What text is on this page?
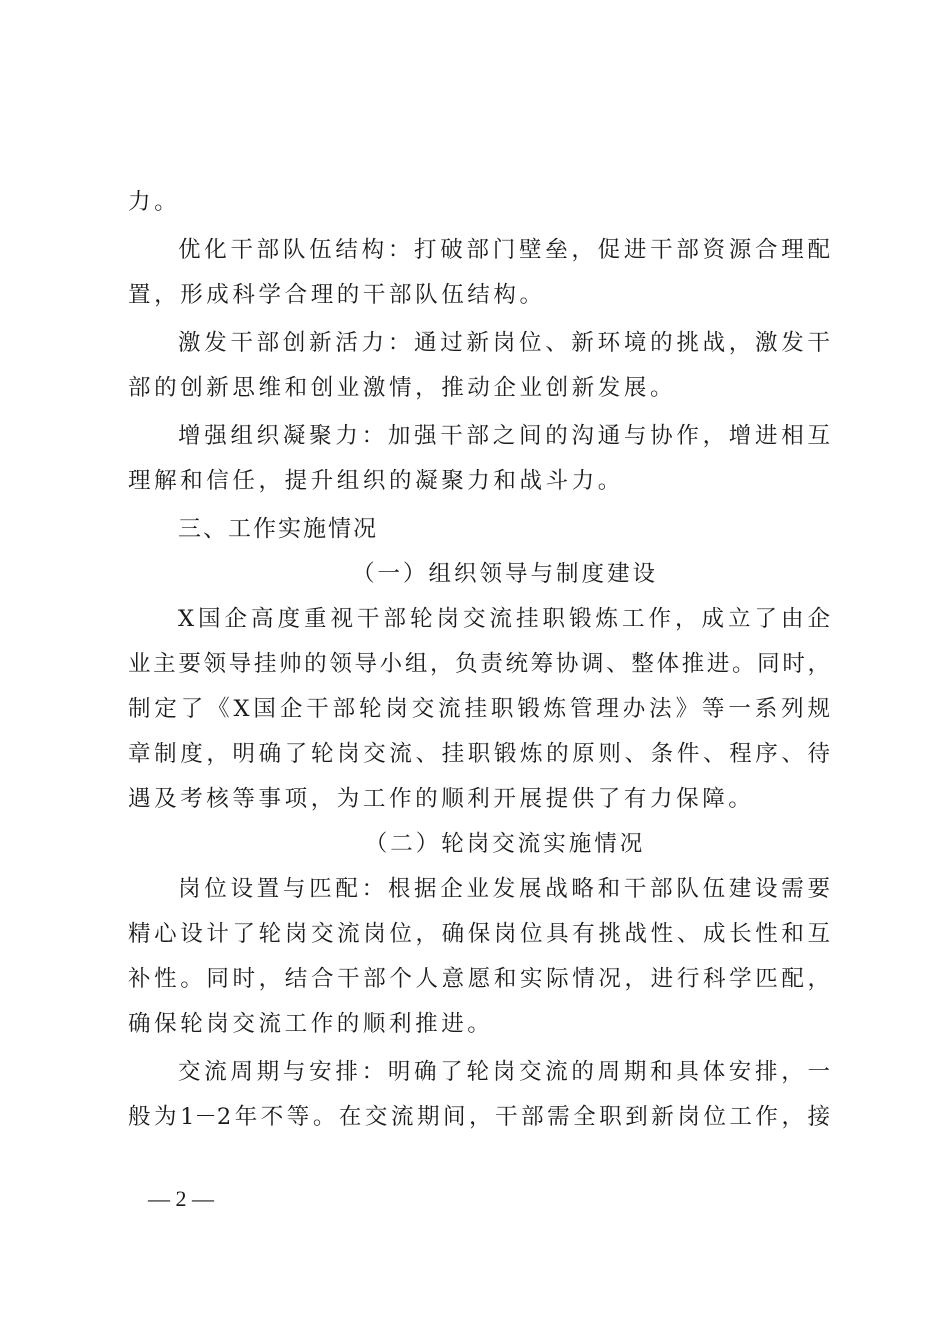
力。
优化干部队伍结构：打破部门壁垒，促进干部资源合理配
置，形成科学合理的干部队伍结构。
激发干部创新活力：通过新岗位、新环境的挑战，激发干
部的创新思维和创业激情，推动企业创新发展。
增强组织凝聚力：加强干部之间的沟通与协作，增进相互
理解和信任，提升组织的凝聚力和战斗力。
三、工作实施情况
（一）组织领导与制度建设
X国企高度重视干部轮岗交流挂职锻炼工作，成立了由企
业主要领导挂帅的领导小组，负责统筹协调、整体推进。同时，
制定了《X国企干部轮岗交流挂职锻炼管理办法》等一系列规
章制度，明确了轮岗交流、挂职锻炼的原则、条件、程序、待
遇及考核等事项，为工作的顺利开展提供了有力保障。
（二）轮岗交流实施情况
岗位设置与匹配：根据企业发展战略和干部队伍建设需要
精心设计了轮岗交流岗位，确保岗位具有挑战性、成长性和互
补性。同时，结合干部个人意愿和实际情况，进行科学匹配，
确保轮岗交流工作的顺利推进。
交流周期与安排：明确了轮岗交流的周期和具体安排，一
般为1－2年不等。在交流期间，干部需全职到新岗位工作，接
— 2 —
